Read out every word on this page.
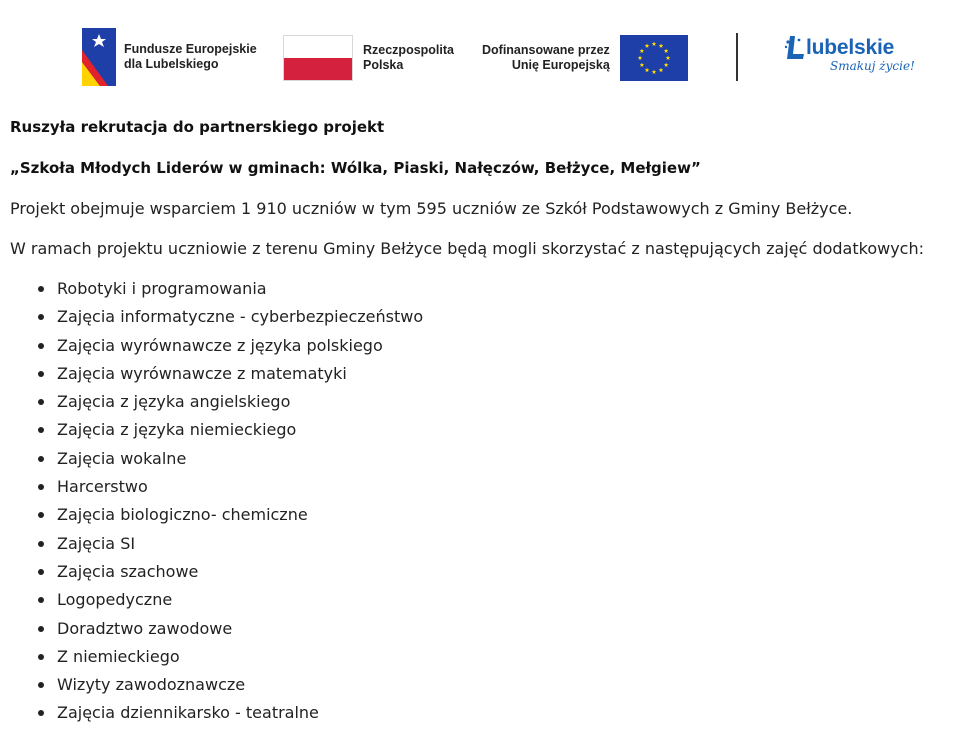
Fundusze Europejskie
dla Lubelskiego
Rzeczpospolita
Polska
Dofinansowane przez
Unię Europejską
lubelskie
Smakuj życie!

Ruszyła rekrutacja do partnerskiego projekt

„Szkoła Młodych Liderów w gminach: Wólka, Piaski, Nałęczów, Bełżyce, Mełgiew”

Projekt obejmuje wsparciem 1 910 uczniów w tym 595 uczniów ze Szkół Podstawowych z Gminy Bełżyce.

W ramach projektu uczniowie z terenu Gminy Bełżyce będą mogli skorzystać z następujących zajęć dodatkowych:

Robotyki i programowania
Zajęcia informatyczne - cyberbezpieczeństwo
Zajęcia wyrównawcze z języka polskiego
Zajęcia wyrównawcze z matematyki
Zajęcia z języka angielskiego
Zajęcia z języka niemieckiego
Zajęcia wokalne
Harcerstwo
Zajęcia biologiczno- chemiczne
Zajęcia SI
Zajęcia szachowe
Logopedyczne
Doradztwo zawodowe
Z niemieckiego
Wizyty zawodoznawcze
Zajęcia dziennikarsko - teatralne
